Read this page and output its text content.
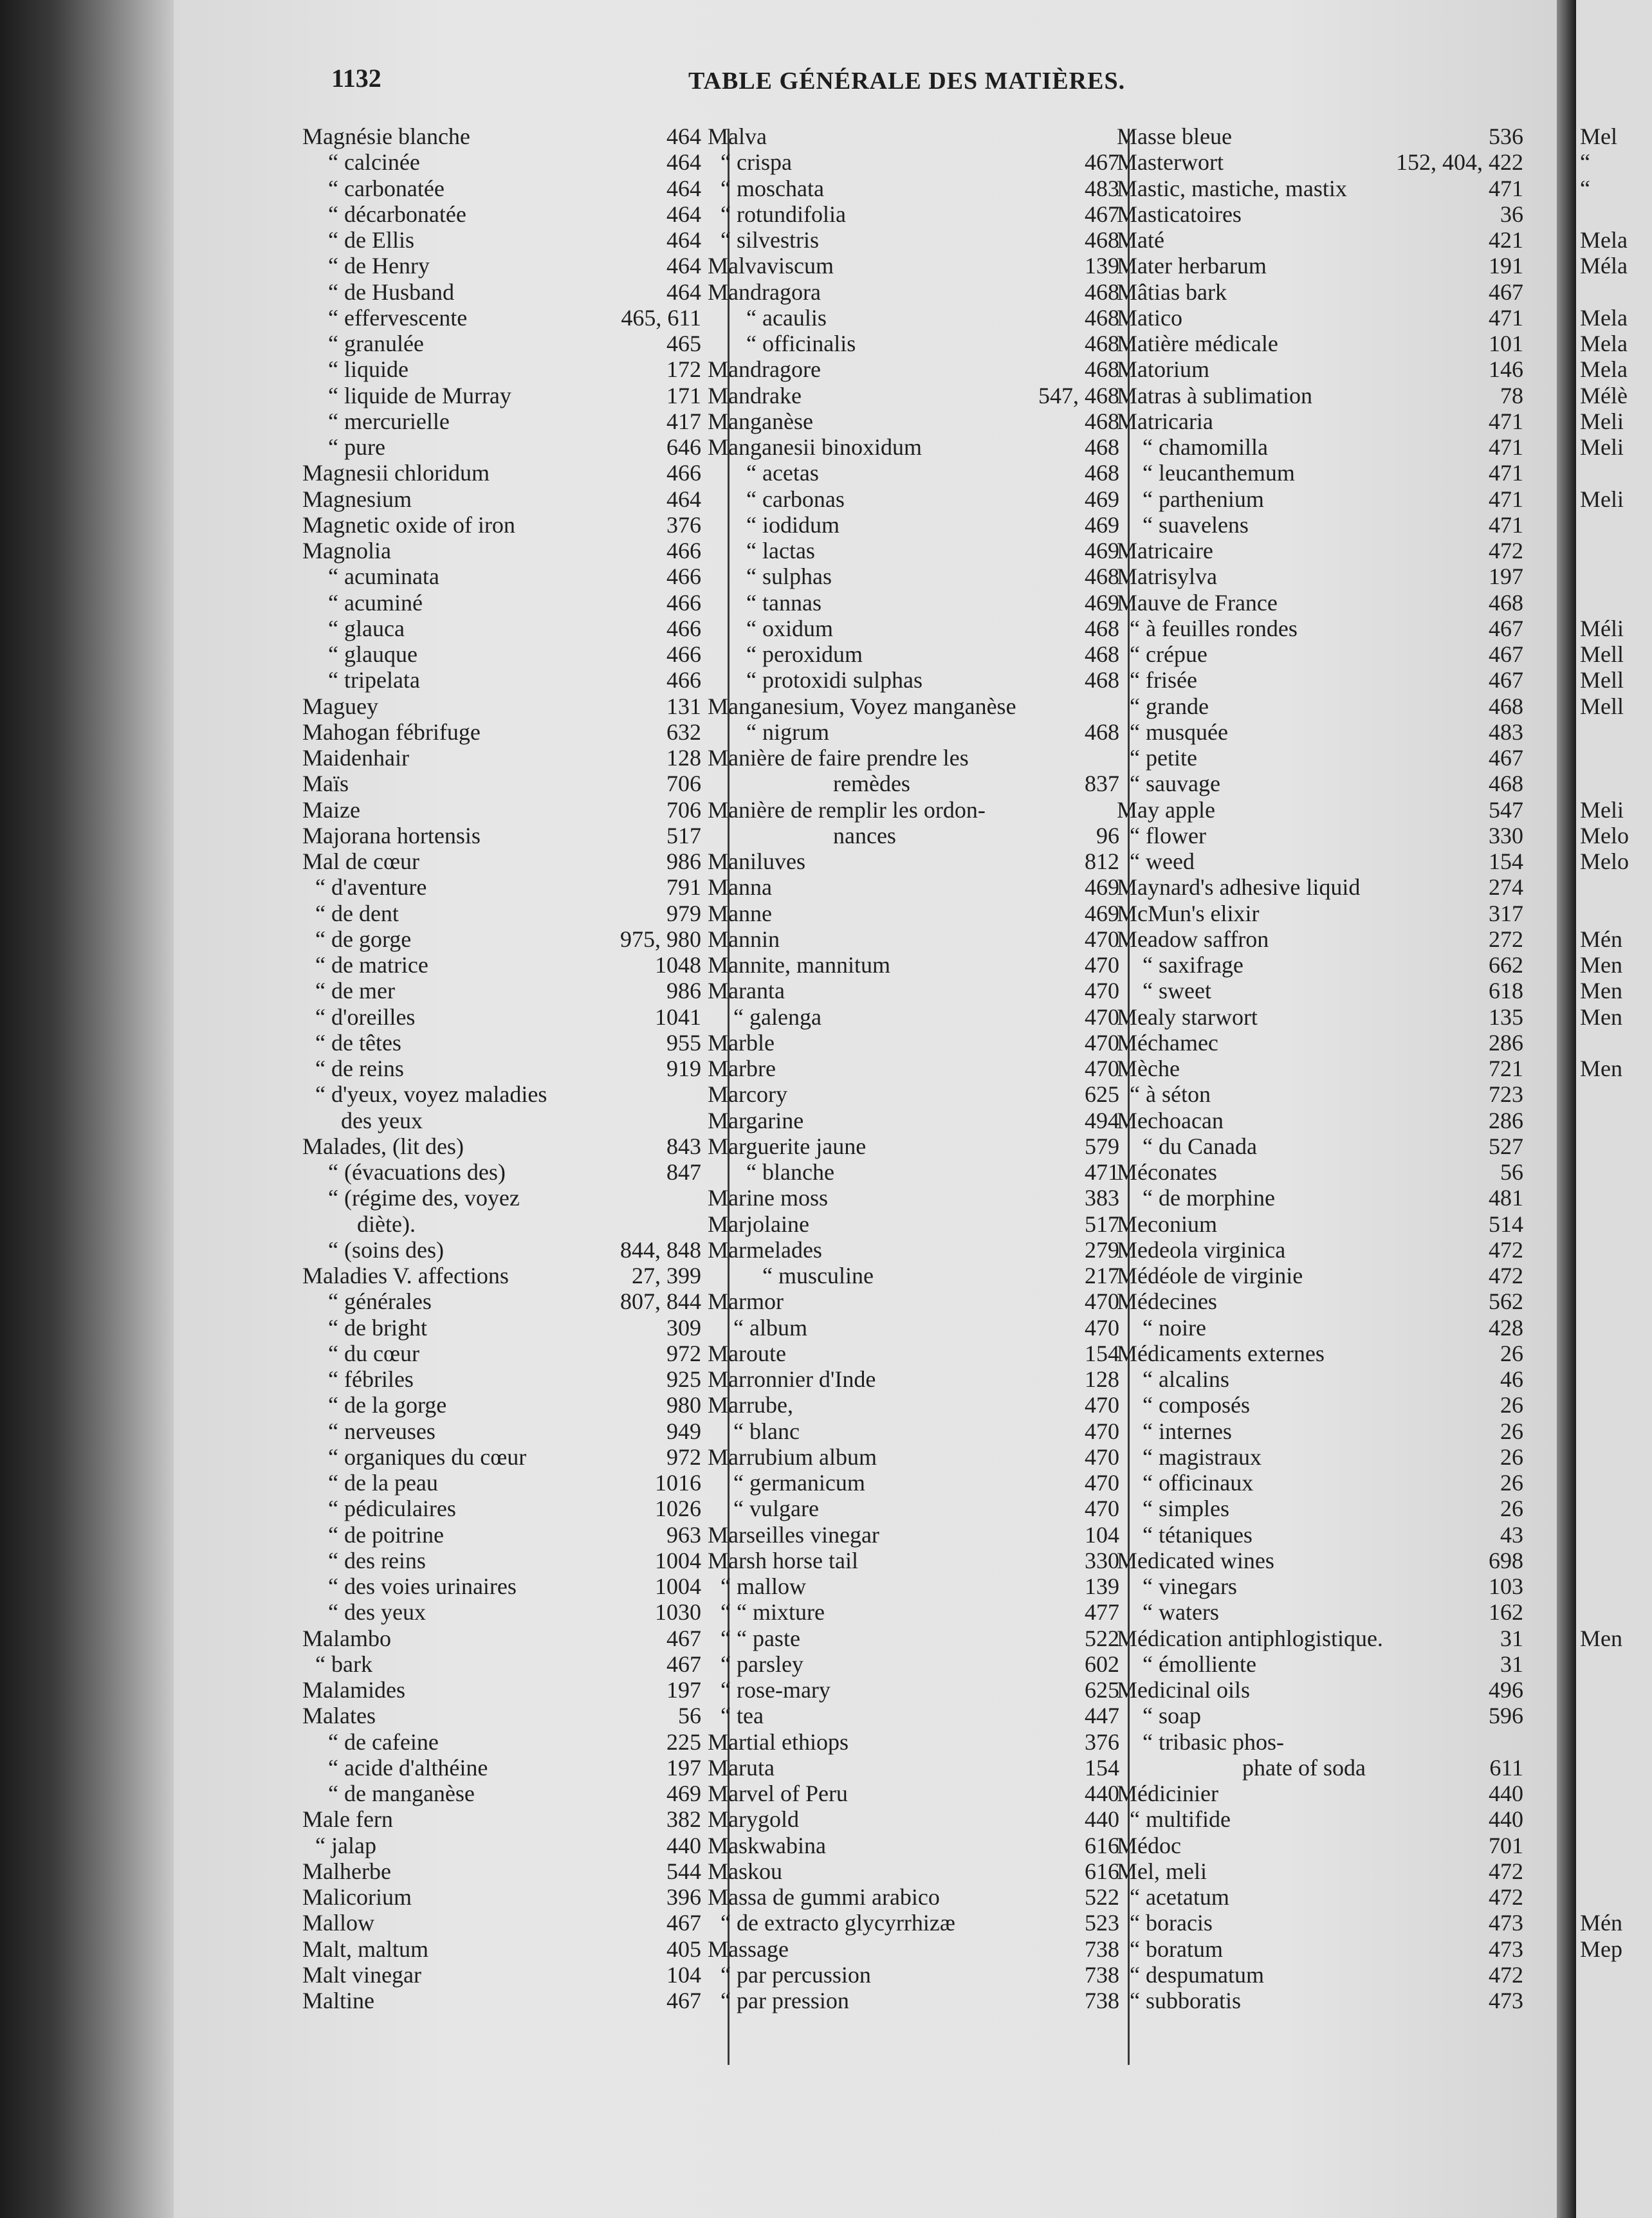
Mel
“
“
Mela
Méla
Mela
Mela
Mela
Mélè
Meli
Meli
Meli
Méli
Mell
Mell
Mell
Meli
Melo
Melo
Mén
Men
Men
Men
Men
Men
Mén
Mep
1132	TABLE GÉNÉRALE DES MATIÈRES.
Magnésie blanche	464
“ calcinée	464
“ carbonatée	464
“ décarbonatée	464
“ de Ellis	464
“ de Henry	464
“ de Husband	464
“ effervescente	465, 611
“ granulée	465
“ liquide	172
“ liquide de Murray	171
“ mercurielle	417
“ pure	646
Magnesii chloridum	466
Magnesium	464
Magnetic oxide of iron	376
Magnolia	466
“ acuminata	466
“ acuminé	466
“ glauca	466
“ glauque	466
“ tripelata	466
Maguey	131
Mahogan fébrifuge	632
Maidenhair	128
Maïs	706
Maize	706
Majorana hortensis	517
Mal de cœur	986
“ d'aventure	791
“ de dent	979
“ de gorge	975, 980
“ de matrice	1048
“ de mer	986
“ d'oreilles	1041
“ de têtes	955
“ de reins	919
“ d'yeux, voyez maladies
des yeux
Malades, (lit des)	843
“ (évacuations des)	847
“ (régime des, voyez
diète).
“ (soins des)	844, 848
Maladies V. affections	27, 399
“ générales	807, 844
“ de bright	309
“ du cœur	972
“ fébriles	925
“ de la gorge	980
“ nerveuses	949
“ organiques du cœur	972
“ de la peau	1016
“ pédiculaires	1026
“ de poitrine	963
“ des reins	1004
“ des voies urinaires	1004
“ des yeux	1030
Malambo	467
“ bark	467
Malamides	197
Malates	56
“ de cafeine	225
“ acide d'althéine	197
“ de manganèse	469
Male fern	382
“ jalap	440
Malherbe	544
Malicorium	396
Mallow	467
Malt, maltum	405
Malt vinegar	104
Maltine	467
Malva
“ crispa	467
“ moschata	483
“ rotundifolia	467
“ silvestris	468
Malvaviscum	139
Mandragora	468
“ acaulis	468
“ officinalis	468
Mandragore	468
Mandrake	547, 468
Manganèse	468
Manganesii binoxidum	468
“ acetas	468
“ carbonas	469
“ iodidum	469
“ lactas	469
“ sulphas	468
“ tannas	469
“ oxidum	468
“ peroxidum	468
“ protoxidi sulphas	468
Manganesium, Voyez manganèse
“ nigrum	468
Manière de faire prendre les
remèdes	837
Manière de remplir les ordon-
nances	96
Maniluves	812
Manna	469
Manne	469
Mannin	470
Mannite, mannitum	470
Maranta	470
“ galenga	470
Marble	470
Marbre	470
Marcory	625
Margarine	494
Marguerite jaune	579
“ blanche	471
Marine moss	383
Marjolaine	517
Marmelades	279
“ musculine	217
Marmor	470
“ album	470
Maroute	154
Marronnier d'Inde	128
Marrube,	470
“ blanc	470
Marrubium album	470
“ germanicum	470
“ vulgare	470
Marseilles vinegar	104
Marsh horse tail	330
“ mallow	139
“ “ mixture	477
“ “ paste	522
“ parsley	602
“ rose-mary	625
“ tea	447
Martial ethiops	376
Maruta	154
Marvel of Peru	440
Marygold	440
Maskwabina	616
Maskou	616
Massa de gummi arabico	522
“ de extracto glycyrrhizæ	523
Massage	738
“ par percussion	738
“ par pression	738
Masse bleue	536
Masterwort	152, 404, 422
Mastic, mastiche, mastix	471
Masticatoires	36
Maté	421
Mater herbarum	191
Mâtias bark	467
Matico	471
Matière médicale	101
Matorium	146
Matras à sublimation	78
Matricaria	471
“ chamomilla	471
“ leucanthemum	471
“ parthenium	471
“ suavelens	471
Matricaire	472
Matrisylva	197
Mauve de France	468
“ à feuilles rondes	467
“ crépue	467
“ frisée	467
“ grande	468
“ musquée	483
“ petite	467
“ sauvage	468
May apple	547
“ flower	330
“ weed	154
Maynard's adhesive liquid	274
McMun's elixir	317
Meadow saffron	272
“ saxifrage	662
“ sweet	618
Mealy starwort	135
Méchamec	286
Mèche	721
“ à séton	723
Mechoacan	286
“ du Canada	527
Méconates	56
“ de morphine	481
Meconium	514
Medeola virginica	472
Médéole de virginie	472
Médecines	562
“ noire	428
Médicaments externes	26
“ alcalins	46
“ composés	26
“ internes	26
“ magistraux	26
“ officinaux	26
“ simples	26
“ tétaniques	43
Medicated wines	698
“ vinegars	103
“ waters	162
Médication antiphlogistique.	31
“ émolliente	31
Medicinal oils	496
“ soap	596
“ tribasic phos-
phate of soda	611
Médicinier	440
“ multifide	440
Médoc	701
Mel, meli	472
“ acetatum	472
“ boracis	473
“ boratum	473
“ despumatum	472
“ subboratis	473
